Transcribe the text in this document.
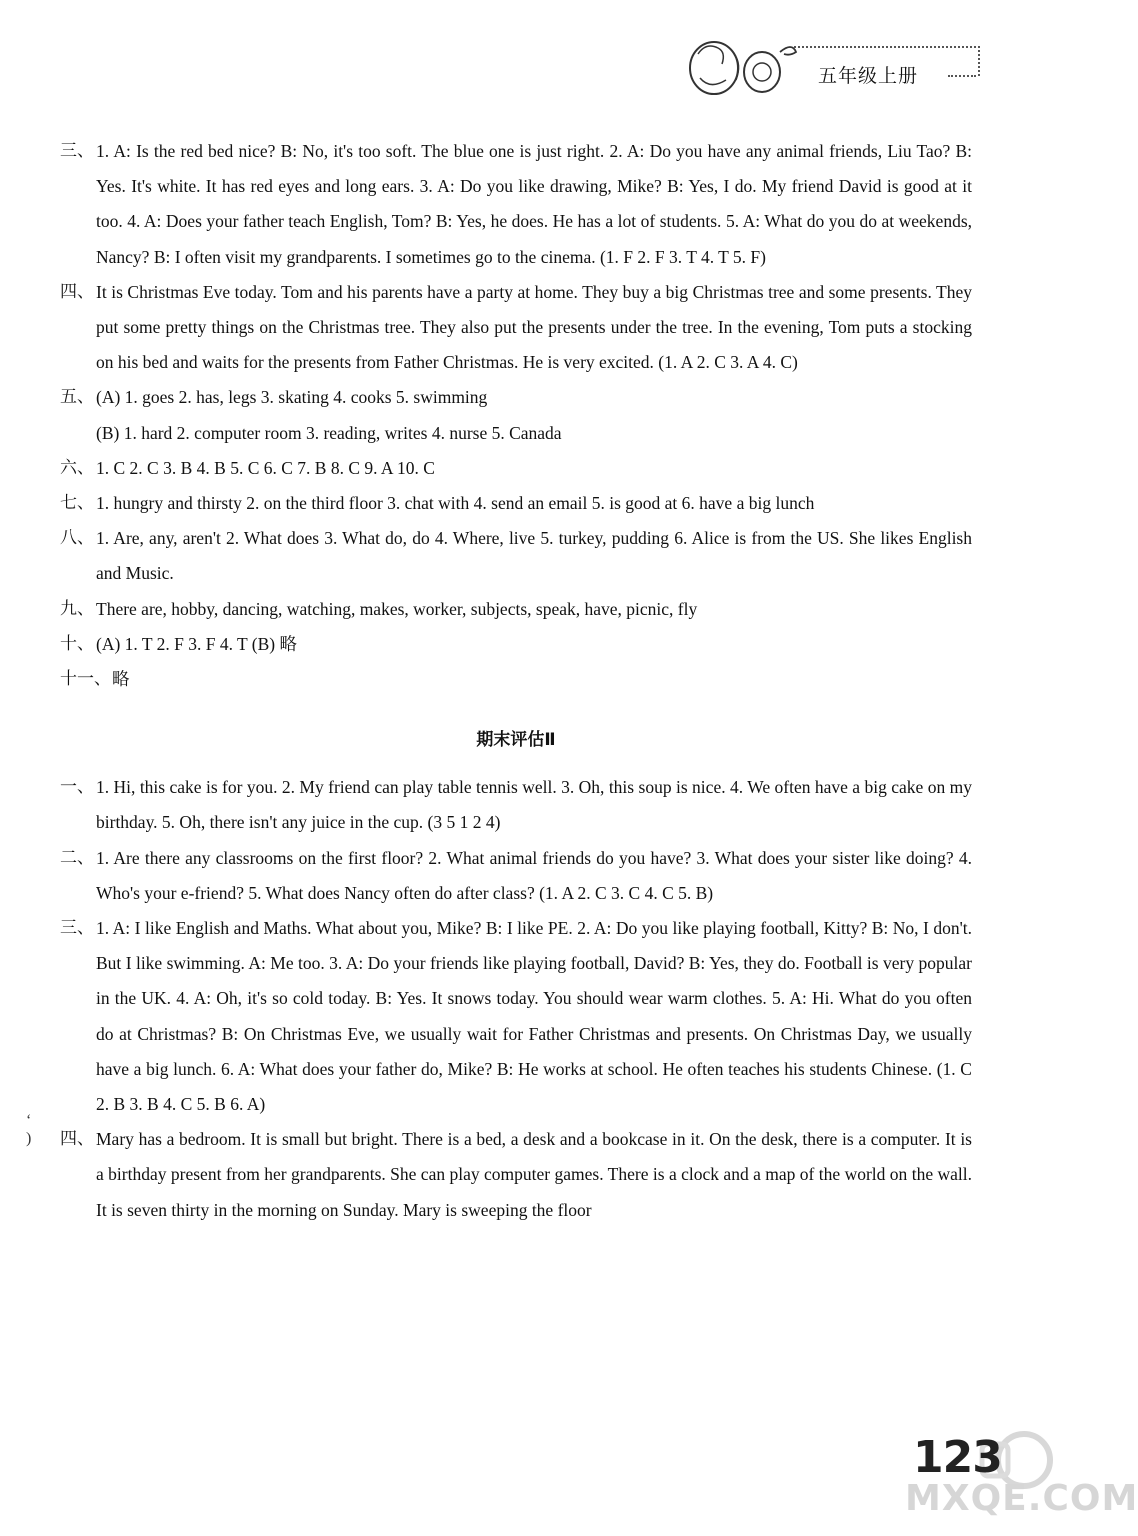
五年级上册
三、 1. A: Is the red bed nice? B: No, it's too soft. The blue one is just right. 2. A: Do you have any animal friends, Liu Tao? B: Yes. It's white. It has red eyes and long ears. 3. A: Do you like drawing, Mike? B: Yes, I do. My friend David is good at it too. 4. A: Does your father teach English, Tom? B: Yes, he does. He has a lot of students. 5. A: What do you do at weekends, Nancy? B: I often visit my grandparents. I sometimes go to the cinema. (1. F 2. F 3. T 4. T 5. F)
四、 It is Christmas Eve today. Tom and his parents have a party at home. They buy a big Christmas tree and some presents. They put some pretty things on the Christmas tree. They also put the presents under the tree. In the evening, Tom puts a stocking on his bed and waits for the presents from Father Christmas. He is very excited. (1. A 2. C 3. A 4. C)
五、 (A) 1. goes 2. has, legs 3. skating 4. cooks 5. swimming
(B) 1. hard 2. computer room 3. reading, writes 4. nurse 5. Canada
六、 1. C 2. C 3. B 4. B 5. C 6. C 7. B 8. C 9. A 10. C
七、 1. hungry and thirsty 2. on the third floor 3. chat with 4. send an email 5. is good at 6. have a big lunch
八、 1. Are, any, aren't 2. What does 3. What do, do 4. Where, live 5. turkey, pudding 6. Alice is from the US. She likes English and Music.
九、 There are, hobby, dancing, watching, makes, worker, subjects, speak, have, picnic, fly
十、 (A) 1. T 2. F 3. F 4. T (B) 略
十一、 略
期末评估Ⅱ
一、 1. Hi, this cake is for you. 2. My friend can play table tennis well. 3. Oh, this soup is nice. 4. We often have a big cake on my birthday. 5. Oh, there isn't any juice in the cup. (3 5 1 2 4)
二、 1. Are there any classrooms on the first floor? 2. What animal friends do you have? 3. What does your sister like doing? 4. Who's your e-friend? 5. What does Nancy often do after class? (1. A 2. C 3. C 4. C 5. B)
三、 1. A: I like English and Maths. What about you, Mike? B: I like PE. 2. A: Do you like playing football, Kitty? B: No, I don't. But I like swimming. A: Me too. 3. A: Do your friends like playing football, David? B: Yes, they do. Football is very popular in the UK. 4. A: Oh, it's so cold today. B: Yes. It snows today. You should wear warm clothes. 5. A: Hi. What do you often do at Christmas? B: On Christmas Eve, we usually wait for Father Christmas and presents. On Christmas Day, we usually have a big lunch. 6. A: What does your father do, Mike? B: He works at school. He often teaches his students Chinese. (1. C 2. B 3. B 4. C 5. B 6. A)
四、 Mary has a bedroom. It is small but bright. There is a bed, a desk and a bookcase in it. On the desk, there is a computer. It is a birthday present from her grandparents. She can play computer games. There is a clock and a map of the world on the wall. It is seven thirty in the morning on Sunday. Mary is sweeping the floor
‘
)
123
MXQE.COM
